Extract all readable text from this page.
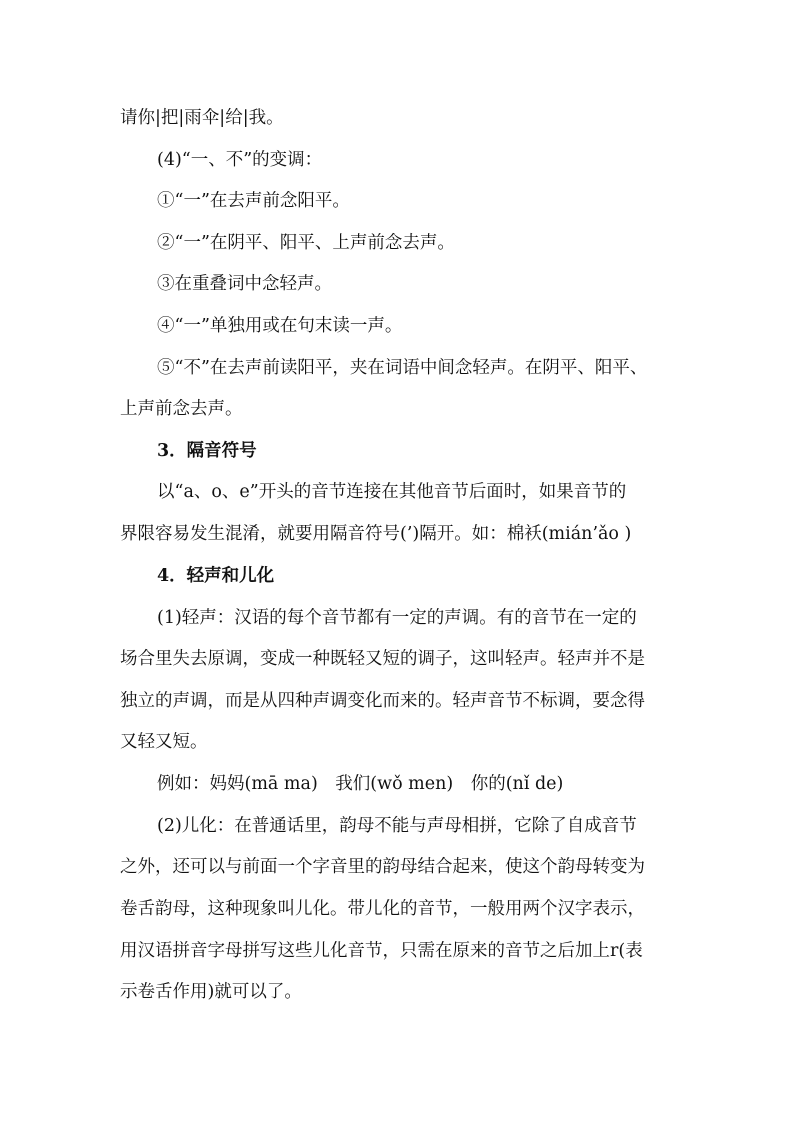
请你|把|雨伞|给|我。
(4)“一、不”的变调：
①“一”在去声前念阳平。
②“一”在阴平、阳平、上声前念去声。
③在重叠词中念轻声。
④“一”单独用或在句末读一声。
⑤“不”在去声前读阳平，夹在词语中间念轻声。在阴平、阳平、
上声前念去声。
3．隔音符号
以“a、o、e”开头的音节连接在其他音节后面时，如果音节的
界限容易发生混淆，就要用隔音符号(’)隔开。如：棉袄(mián’ǎo )
4．轻声和儿化
(1)轻声：汉语的每个音节都有一定的声调。有的音节在一定的
场合里失去原调，变成一种既轻又短的调子，这叫轻声。轻声并不是
独立的声调，而是从四种声调变化而来的。轻声音节不标调，要念得
又轻又短。
例如：妈妈(mā ma)　我们(wǒ men)　你的(nǐ de)
(2)儿化：在普通话里，韵母不能与声母相拼，它除了自成音节
之外，还可以与前面一个字音里的韵母结合起来，使这个韵母转变为
卷舌韵母，这种现象叫儿化。带儿化的音节，一般用两个汉字表示，
用汉语拼音字母拼写这些儿化音节，只需在原来的音节之后加上r(表
示卷舌作用)就可以了。
